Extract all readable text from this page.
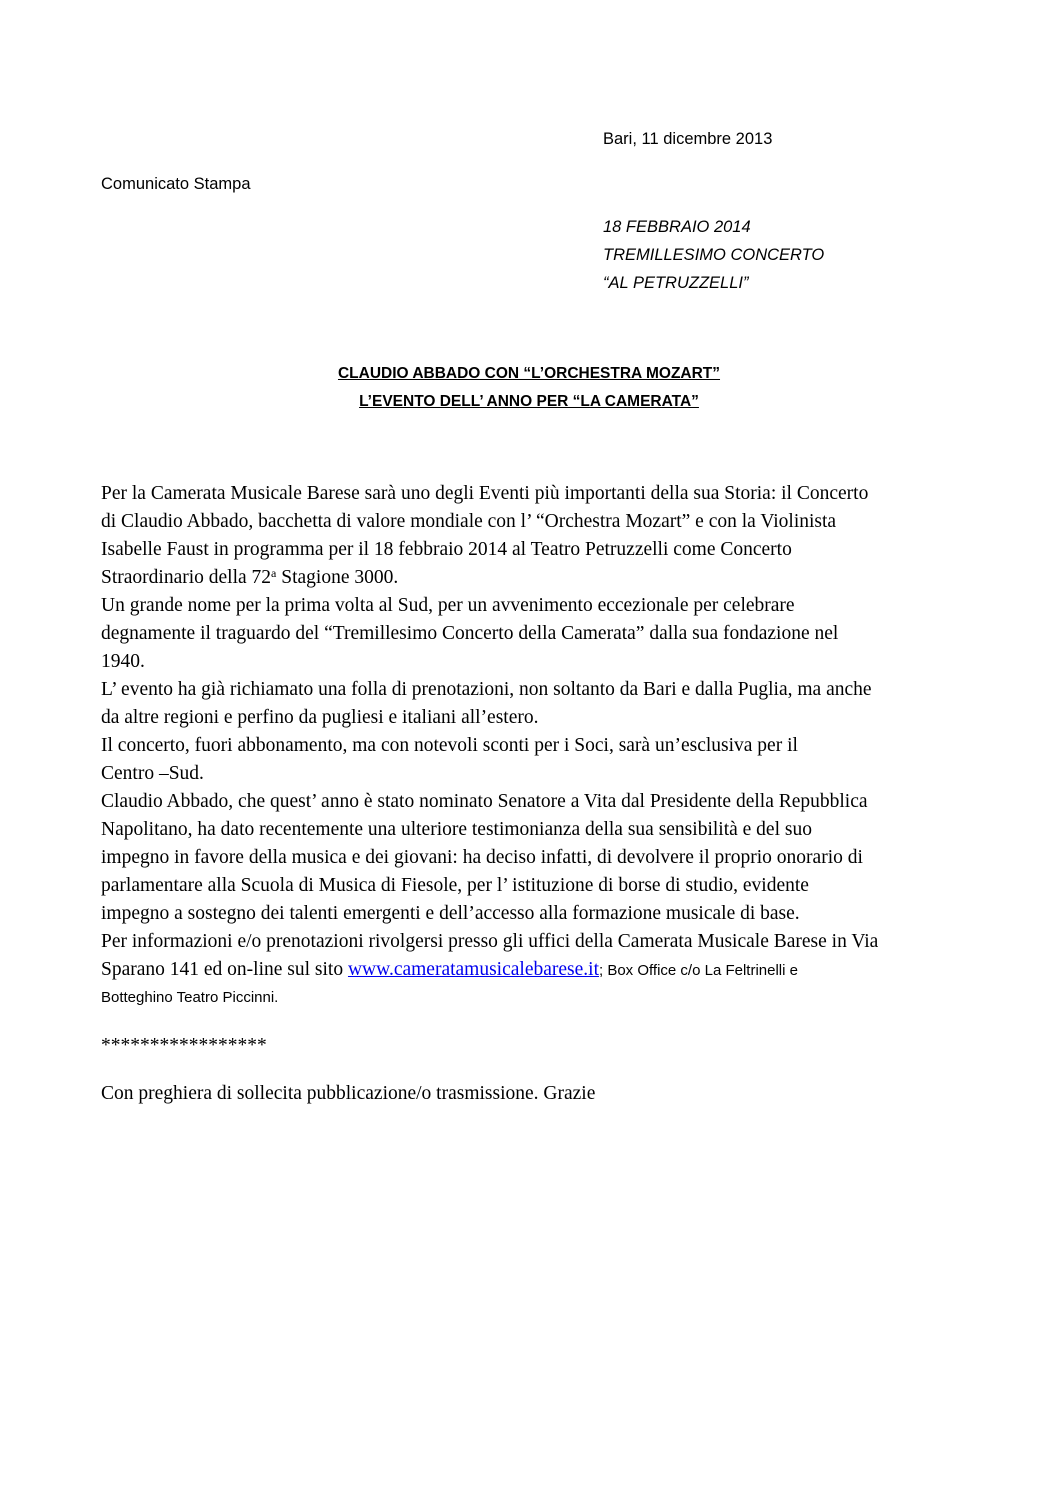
Bari, 11 dicembre 2013
Comunicato Stampa
18 FEBBRAIO 2014
TREMILLESIMO CONCERTO
“AL PETRUZZELLI”
CLAUDIO ABBADO CON “L’ORCHESTRA MOZART”
L’EVENTO DELL’ ANNO PER “LA CAMERATA”
Per la Camerata Musicale Barese sarà uno degli Eventi più importanti della sua Storia: il Concerto
di Claudio Abbado, bacchetta di valore mondiale con l’ “Orchestra Mozart” e con la Violinista
Isabelle Faust in programma per il 18 febbraio 2014 al Teatro Petruzzelli come Concerto
Straordinario della 72$^a$ Stagione 3000.
Un grande nome per la prima volta al Sud, per un avvenimento eccezionale per celebrare
degnamente il traguardo del “Tremillesimo Concerto della Camerata” dalla sua fondazione nel
1940.
L’ evento ha già richiamato una folla di prenotazioni, non soltanto da Bari e dalla Puglia, ma anche
da altre regioni e perfino da pugliesi e italiani all’estero.
Il concerto, fuori abbonamento, ma con notevoli sconti per i Soci, sarà un’esclusiva per il
Centro –Sud.
Claudio Abbado, che quest’ anno è stato nominato Senatore a Vita dal Presidente della Repubblica
Napolitano, ha dato recentemente una ulteriore testimonianza della sua sensibilità e del suo
impegno in favore della musica e dei giovani: ha deciso infatti, di devolvere il proprio onorario di
parlamentare alla Scuola di Musica di Fiesole, per l’ istituzione di borse di studio, evidente
impegno a sostegno dei talenti emergenti e dell’accesso alla formazione musicale di base.
Per informazioni e/o prenotazioni rivolgersi presso gli uffici della Camerata Musicale Barese in Via
Sparano 141 ed on-line sul sito www.cameratamusicalebarese.it; Box Office c/o La Feltrinelli e
Botteghino Teatro Piccinni.
*****************
Con preghiera di sollecita pubblicazione/o trasmissione. Grazie
